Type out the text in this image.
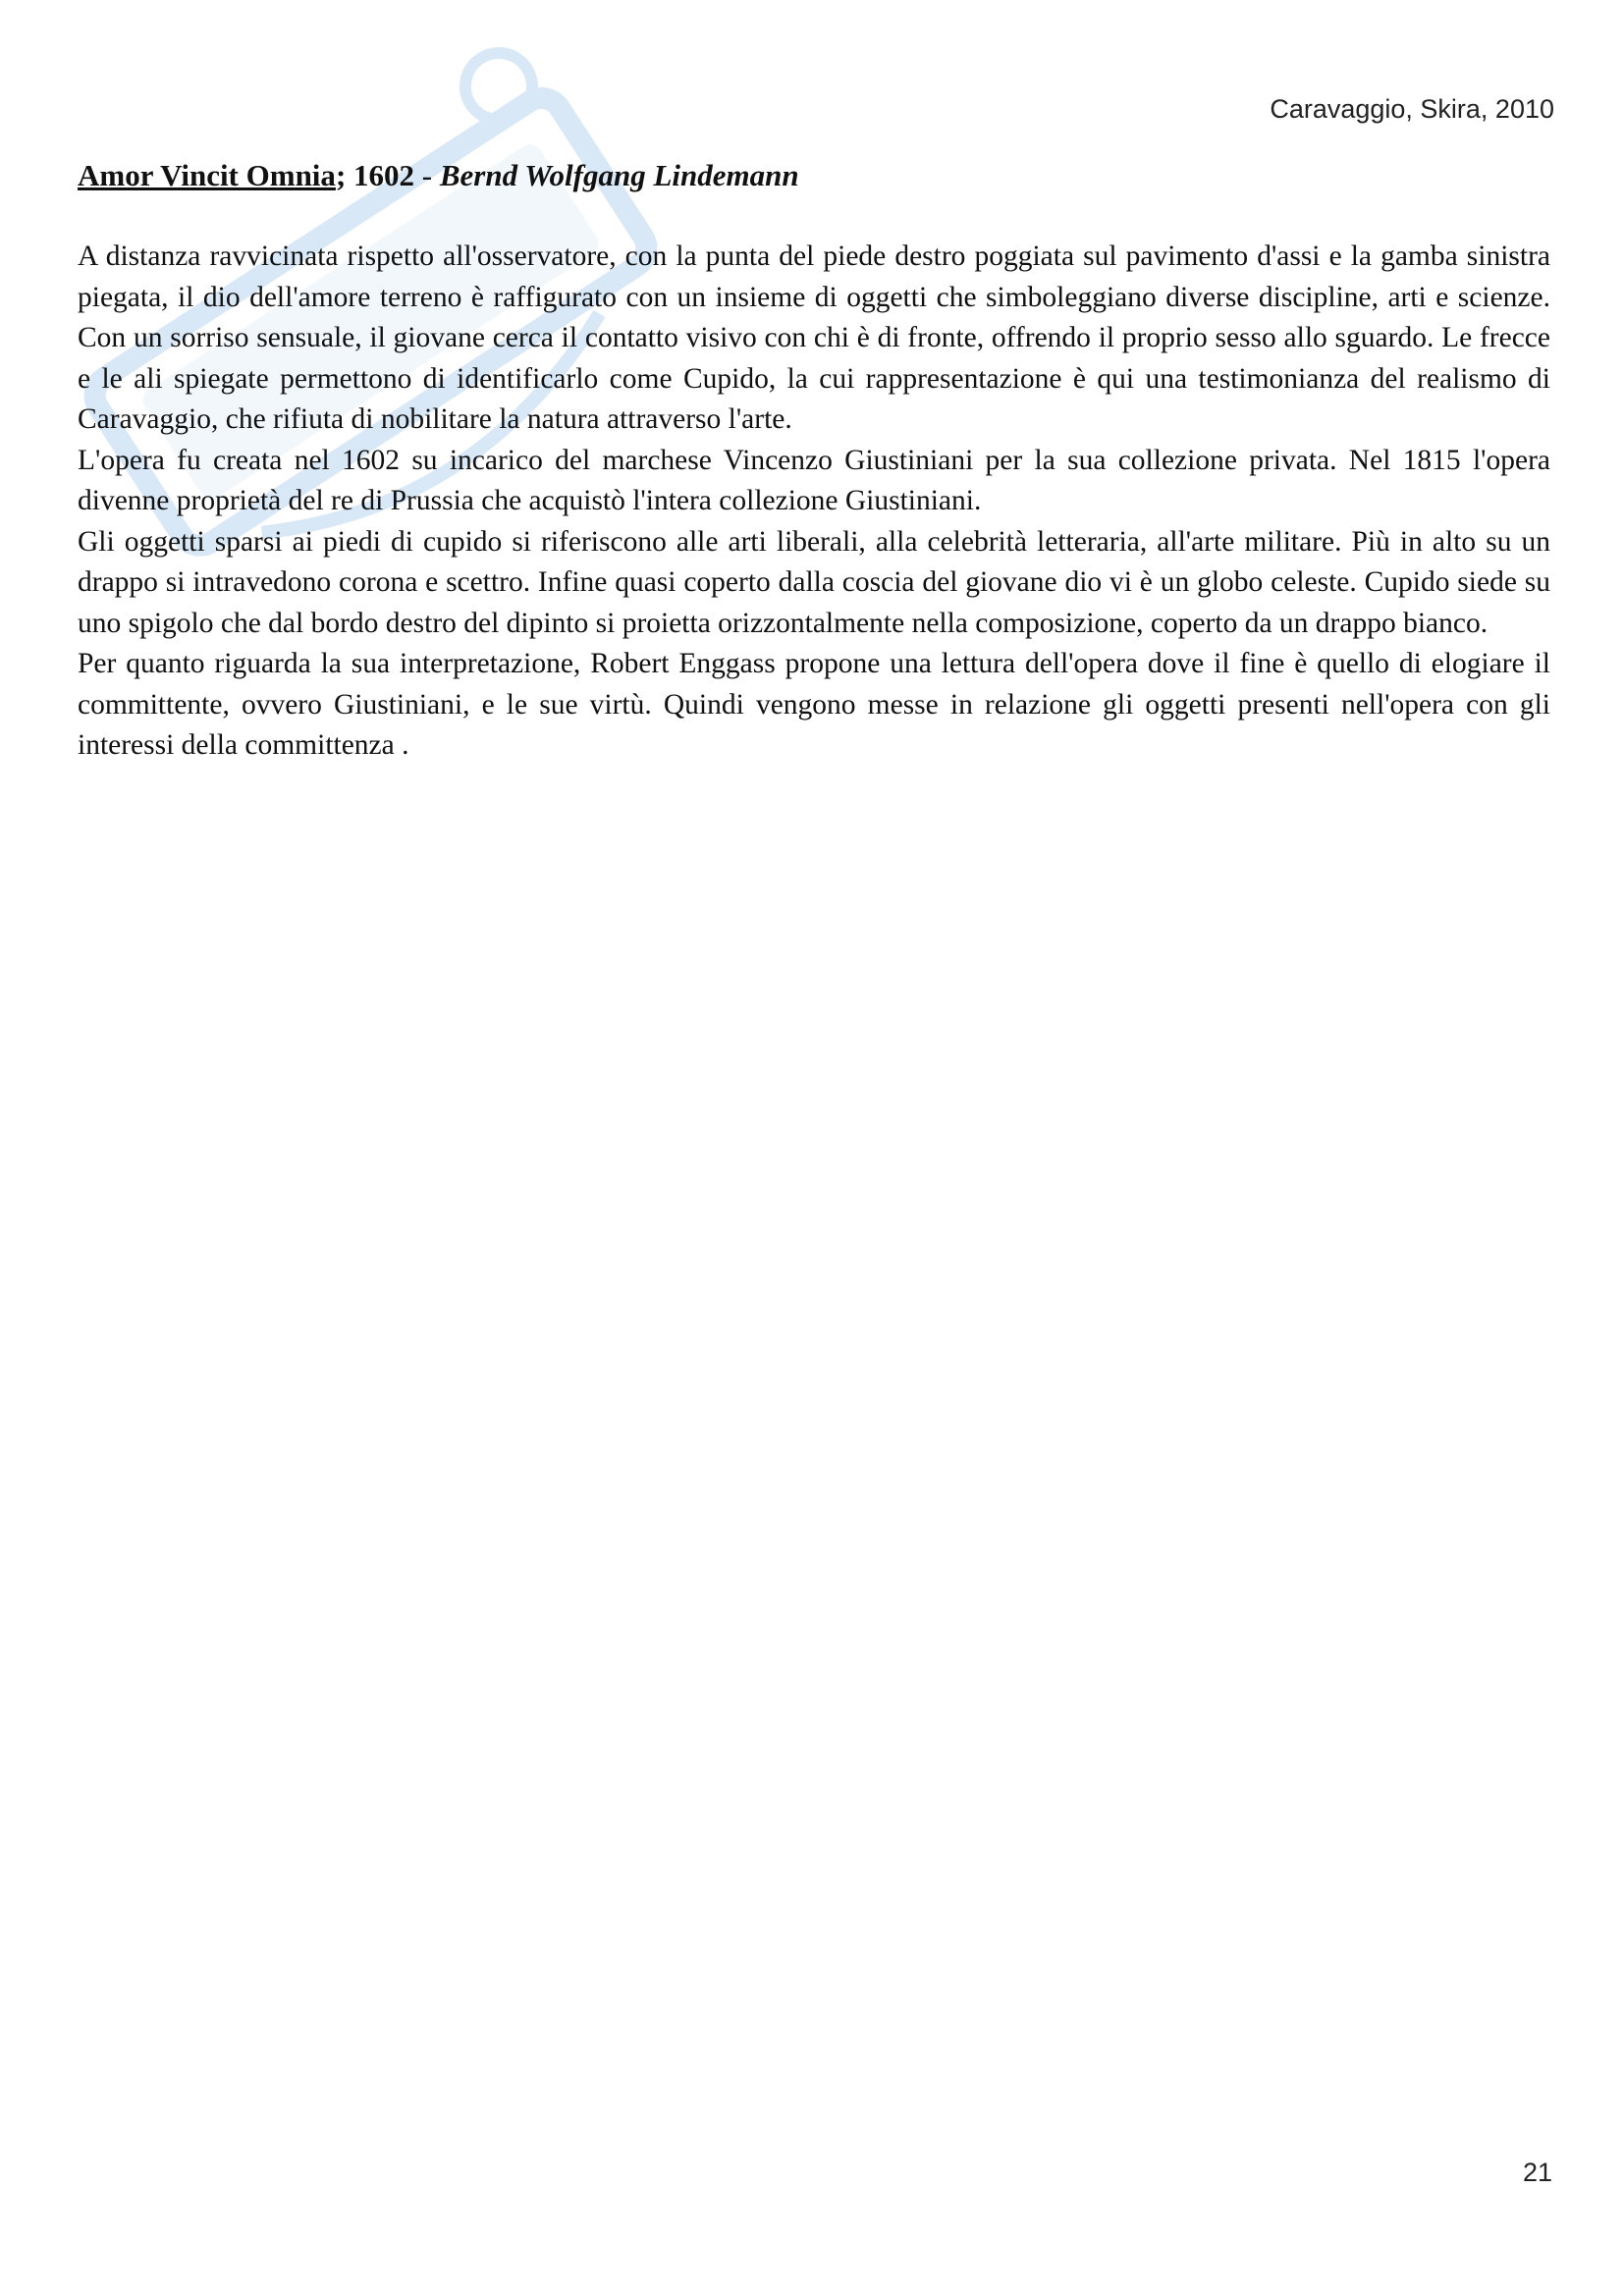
Caravaggio, Skira, 2010
Amor Vincit Omnia; 1602 - Bernd Wolfgang Lindemann

A distanza ravvicinata rispetto all'osservatore, con la punta del piede destro poggiata sul pavimento d'assi e la gamba sinistra piegata, il dio dell'amore terreno è raffigurato con un insieme di oggetti che simboleggiano diverse discipline, arti e scienze. Con un sorriso sensuale, il giovane cerca il contatto visivo con chi è di fronte, offrendo il proprio sesso allo sguardo. Le frecce e le ali spiegate permettono di identificarlo come Cupido, la cui rappresentazione è qui una testimonianza del realismo di Caravaggio, che rifiuta di nobilitare la natura attraverso l'arte.

L'opera fu creata nel 1602 su incarico del marchese Vincenzo Giustiniani per la sua collezione privata. Nel 1815 l'opera divenne proprietà del re di Prussia che acquistò l'intera collezione Giustiniani.

Gli oggetti sparsi ai piedi di cupido si riferiscono alle arti liberali, alla celebrità letteraria, all'arte militare. Più in alto su un drappo si intravedono corona e scettro. Infine quasi coperto dalla coscia del giovane dio vi è un globo celeste. Cupido siede su uno spigolo che dal bordo destro del dipinto si proietta orizzontalmente nella composizione, coperto da un drappo bianco.

Per quanto riguarda la sua interpretazione, Robert Enggass propone una lettura dell'opera dove il fine è quello di elogiare il committente, ovvero Giustiniani, e le sue virtù. Quindi vengono messe in relazione gli oggetti presenti nell'opera con gli interessi della committenza .

21
